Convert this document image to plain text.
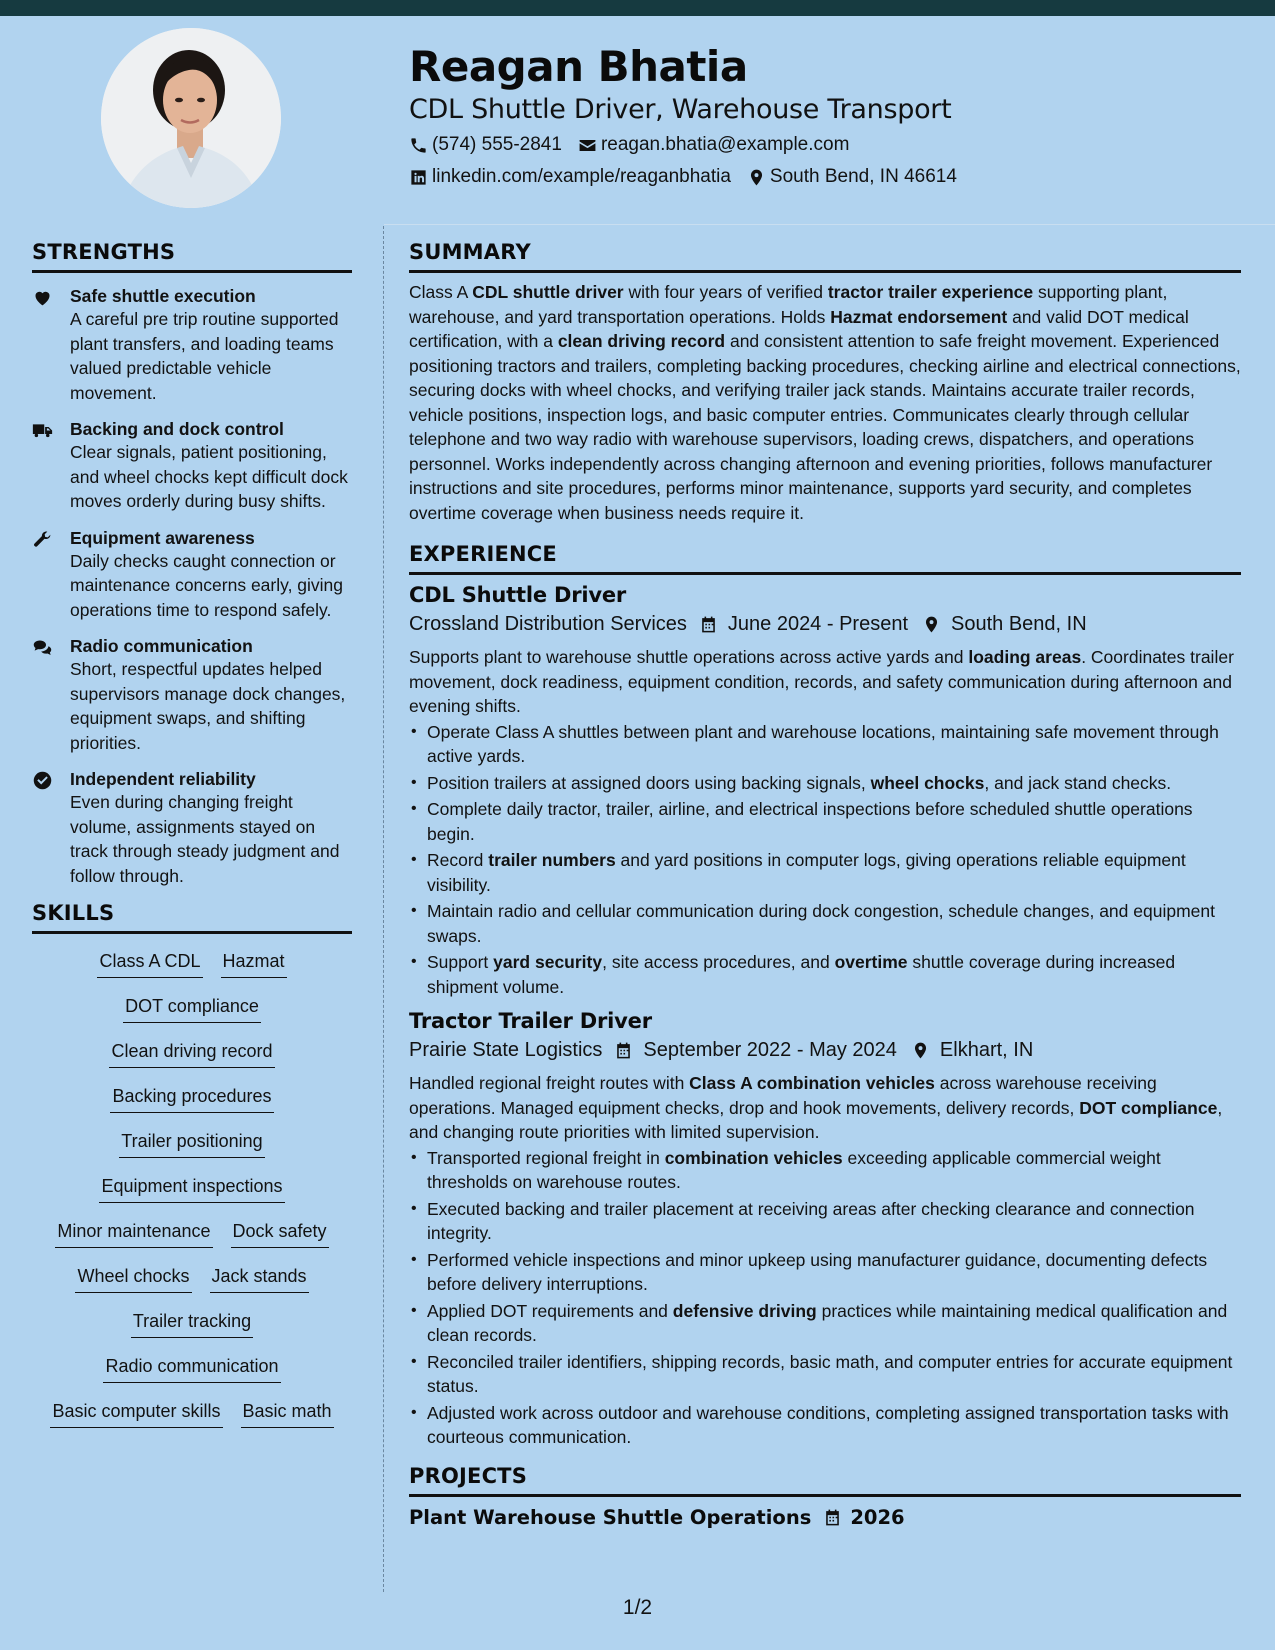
Reagan Bhatia
CDL Shuttle Driver, Warehouse Transport
(574) 555-2841 reagan.bhatia@example.com
linkedin.com/example/reaganbhatia South Bend, IN 46614
STRENGTHS
Safe shuttle execution
A careful pre trip routine supported plant transfers, and loading teams valued predictable vehicle movement.
Backing and dock control
Clear signals, patient positioning, and wheel chocks kept difficult dock moves orderly during busy shifts.
Equipment awareness
Daily checks caught connection or maintenance concerns early, giving operations time to respond safely.
Radio communication
Short, respectful updates helped supervisors manage dock changes, equipment swaps, and shifting priorities.
Independent reliability
Even during changing freight volume, assignments stayed on track through steady judgment and follow through.
SKILLS
Class A CDL Hazmat
DOT compliance
Clean driving record
Backing procedures
Trailer positioning
Equipment inspections
Minor maintenance Dock safety
Wheel chocks Jack stands
Trailer tracking
Radio communication
Basic computer skills Basic math
SUMMARY
Class A CDL shuttle driver with four years of verified tractor trailer experience supporting plant, warehouse, and yard transportation operations. Holds Hazmat endorsement and valid DOT medical certification, with a clean driving record and consistent attention to safe freight movement. Experienced positioning tractors and trailers, completing backing procedures, checking airline and electrical connections, securing docks with wheel chocks, and verifying trailer jack stands. Maintains accurate trailer records, vehicle positions, inspection logs, and basic computer entries. Communicates clearly through cellular telephone and two way radio with warehouse supervisors, loading crews, dispatchers, and operations personnel. Works independently across changing afternoon and evening priorities, follows manufacturer instructions and site procedures, performs minor maintenance, supports yard security, and completes overtime coverage when business needs require it.
EXPERIENCE
CDL Shuttle Driver
Crossland Distribution Services June 2024 - Present South Bend, IN
Supports plant to warehouse shuttle operations across active yards and loading areas. Coordinates trailer movement, dock readiness, equipment condition, records, and safety communication during afternoon and evening shifts.
• Operate Class A shuttles between plant and warehouse locations, maintaining safe movement through active yards.
• Position trailers at assigned doors using backing signals, wheel chocks, and jack stand checks.
• Complete daily tractor, trailer, airline, and electrical inspections before scheduled shuttle operations begin.
• Record trailer numbers and yard positions in computer logs, giving operations reliable equipment visibility.
• Maintain radio and cellular communication during dock congestion, schedule changes, and equipment swaps.
• Support yard security, site access procedures, and overtime shuttle coverage during increased shipment volume.
Tractor Trailer Driver
Prairie State Logistics September 2022 - May 2024 Elkhart, IN
Handled regional freight routes with Class A combination vehicles across warehouse receiving operations. Managed equipment checks, drop and hook movements, delivery records, DOT compliance, and changing route priorities with limited supervision.
• Transported regional freight in combination vehicles exceeding applicable commercial weight thresholds on warehouse routes.
• Executed backing and trailer placement at receiving areas after checking clearance and connection integrity.
• Performed vehicle inspections and minor upkeep using manufacturer guidance, documenting defects before delivery interruptions.
• Applied DOT requirements and defensive driving practices while maintaining medical qualification and clean records.
• Reconciled trailer identifiers, shipping records, basic math, and computer entries for accurate equipment status.
• Adjusted work across outdoor and warehouse conditions, completing assigned transportation tasks with courteous communication.
PROJECTS
Plant Warehouse Shuttle Operations 2026
1/2
